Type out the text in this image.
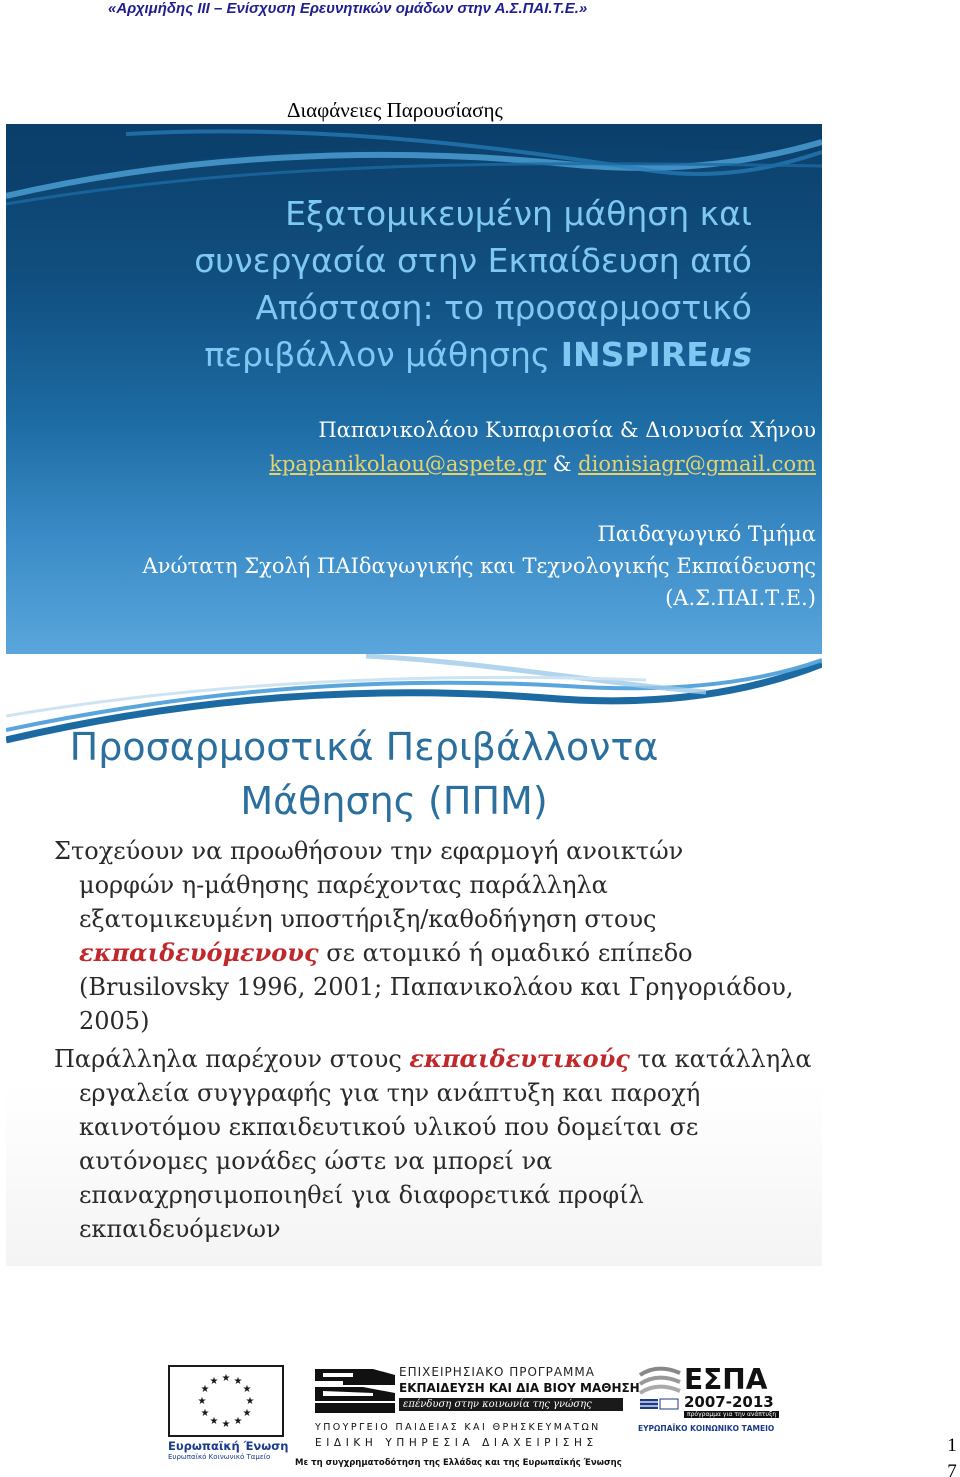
«Αρχιμήδης ΙΙΙ – Ενίσχυση Ερευνητικών ομάδων στην Α.Σ.ΠΑΙ.Τ.Ε.»
Διαφάνειες Παρουσίασης
Εξατομικευμένη μάθηση και
συνεργασία στην Εκπαίδευση από
Απόσταση: το προσαρμοστικό
περιβάλλον μάθησης INSPIREus
Παπανικολάου Κυπαρισσία & Διονυσία Χήνου
kpapanikolaou@aspete.gr & dionisiagr@gmail.com
Παιδαγωγικό Τμήμα
Ανώτατη Σχολή ΠΑΙδαγωγικής και Τεχνολογικής Εκπαίδευσης
(Α.Σ.ΠΑΙ.Τ.Ε.)
Προσαρμοστικά Περιβάλλοντα
Μάθησης (ΠΠΜ)
Στοχεύουν να προωθήσουν την εφαρμογή ανοικτών
μορφών η-μάθησης παρέχοντας παράλληλα
εξατομικευμένη υποστήριξη/καθοδήγηση στους
εκπαιδευόμενους σε ατομικό ή ομαδικό επίπεδο
(Brusilovsky 1996, 2001; Παπανικολάου και Γρηγοριάδου,
2005)
Παράλληλα παρέχουν στους εκπαιδευτικούς τα κατάλληλα
εργαλεία συγγραφής για την ανάπτυξη και παροχή
καινοτόμου εκπαιδευτικού υλικού που δομείται σε
αυτόνομες μονάδες ώστε να μπορεί να
επαναχρησιμοποιηθεί για διαφορετικά προφίλ
εκπαιδευόμενων
★ ★
★
★
★
★
★
★
★
★
★
★
Ευρωπαϊκή Ένωση
Ευρωπαϊκό Κοινωνικό Ταμείο
ΕΠΙΧΕΙΡΗΣΙΑΚΟ ΠΡΟΓΡΑΜΜΑ
ΕΚΠΑΙΔΕΥΣΗ ΚΑΙ ΔΙΑ ΒΙΟΥ ΜΑΘΗΣΗ
επένδυση στην κοινωνία της γνώσης
ΥΠΟΥΡΓΕΙΟ ΠΑΙΔΕΙΑΣ ΚΑΙ ΘΡΗΣΚΕΥΜΑΤΩΝ
ΕΙΔΙΚΗ ΥΠΗΡΕΣΙΑ ΔΙΑΧΕΙΡΙΣΗΣ
Με τη συγχρηματοδότηση της Ελλάδας και της Ευρωπαϊκής Ένωσης
ΕΣΠΑ
2007-2013
πρόγραμμα για την ανάπτυξη
ΕΥΡΩΠΑΪΚΟ ΚΟΙΝΩΝΙΚΟ ΤΑΜΕΙΟ
1
7
